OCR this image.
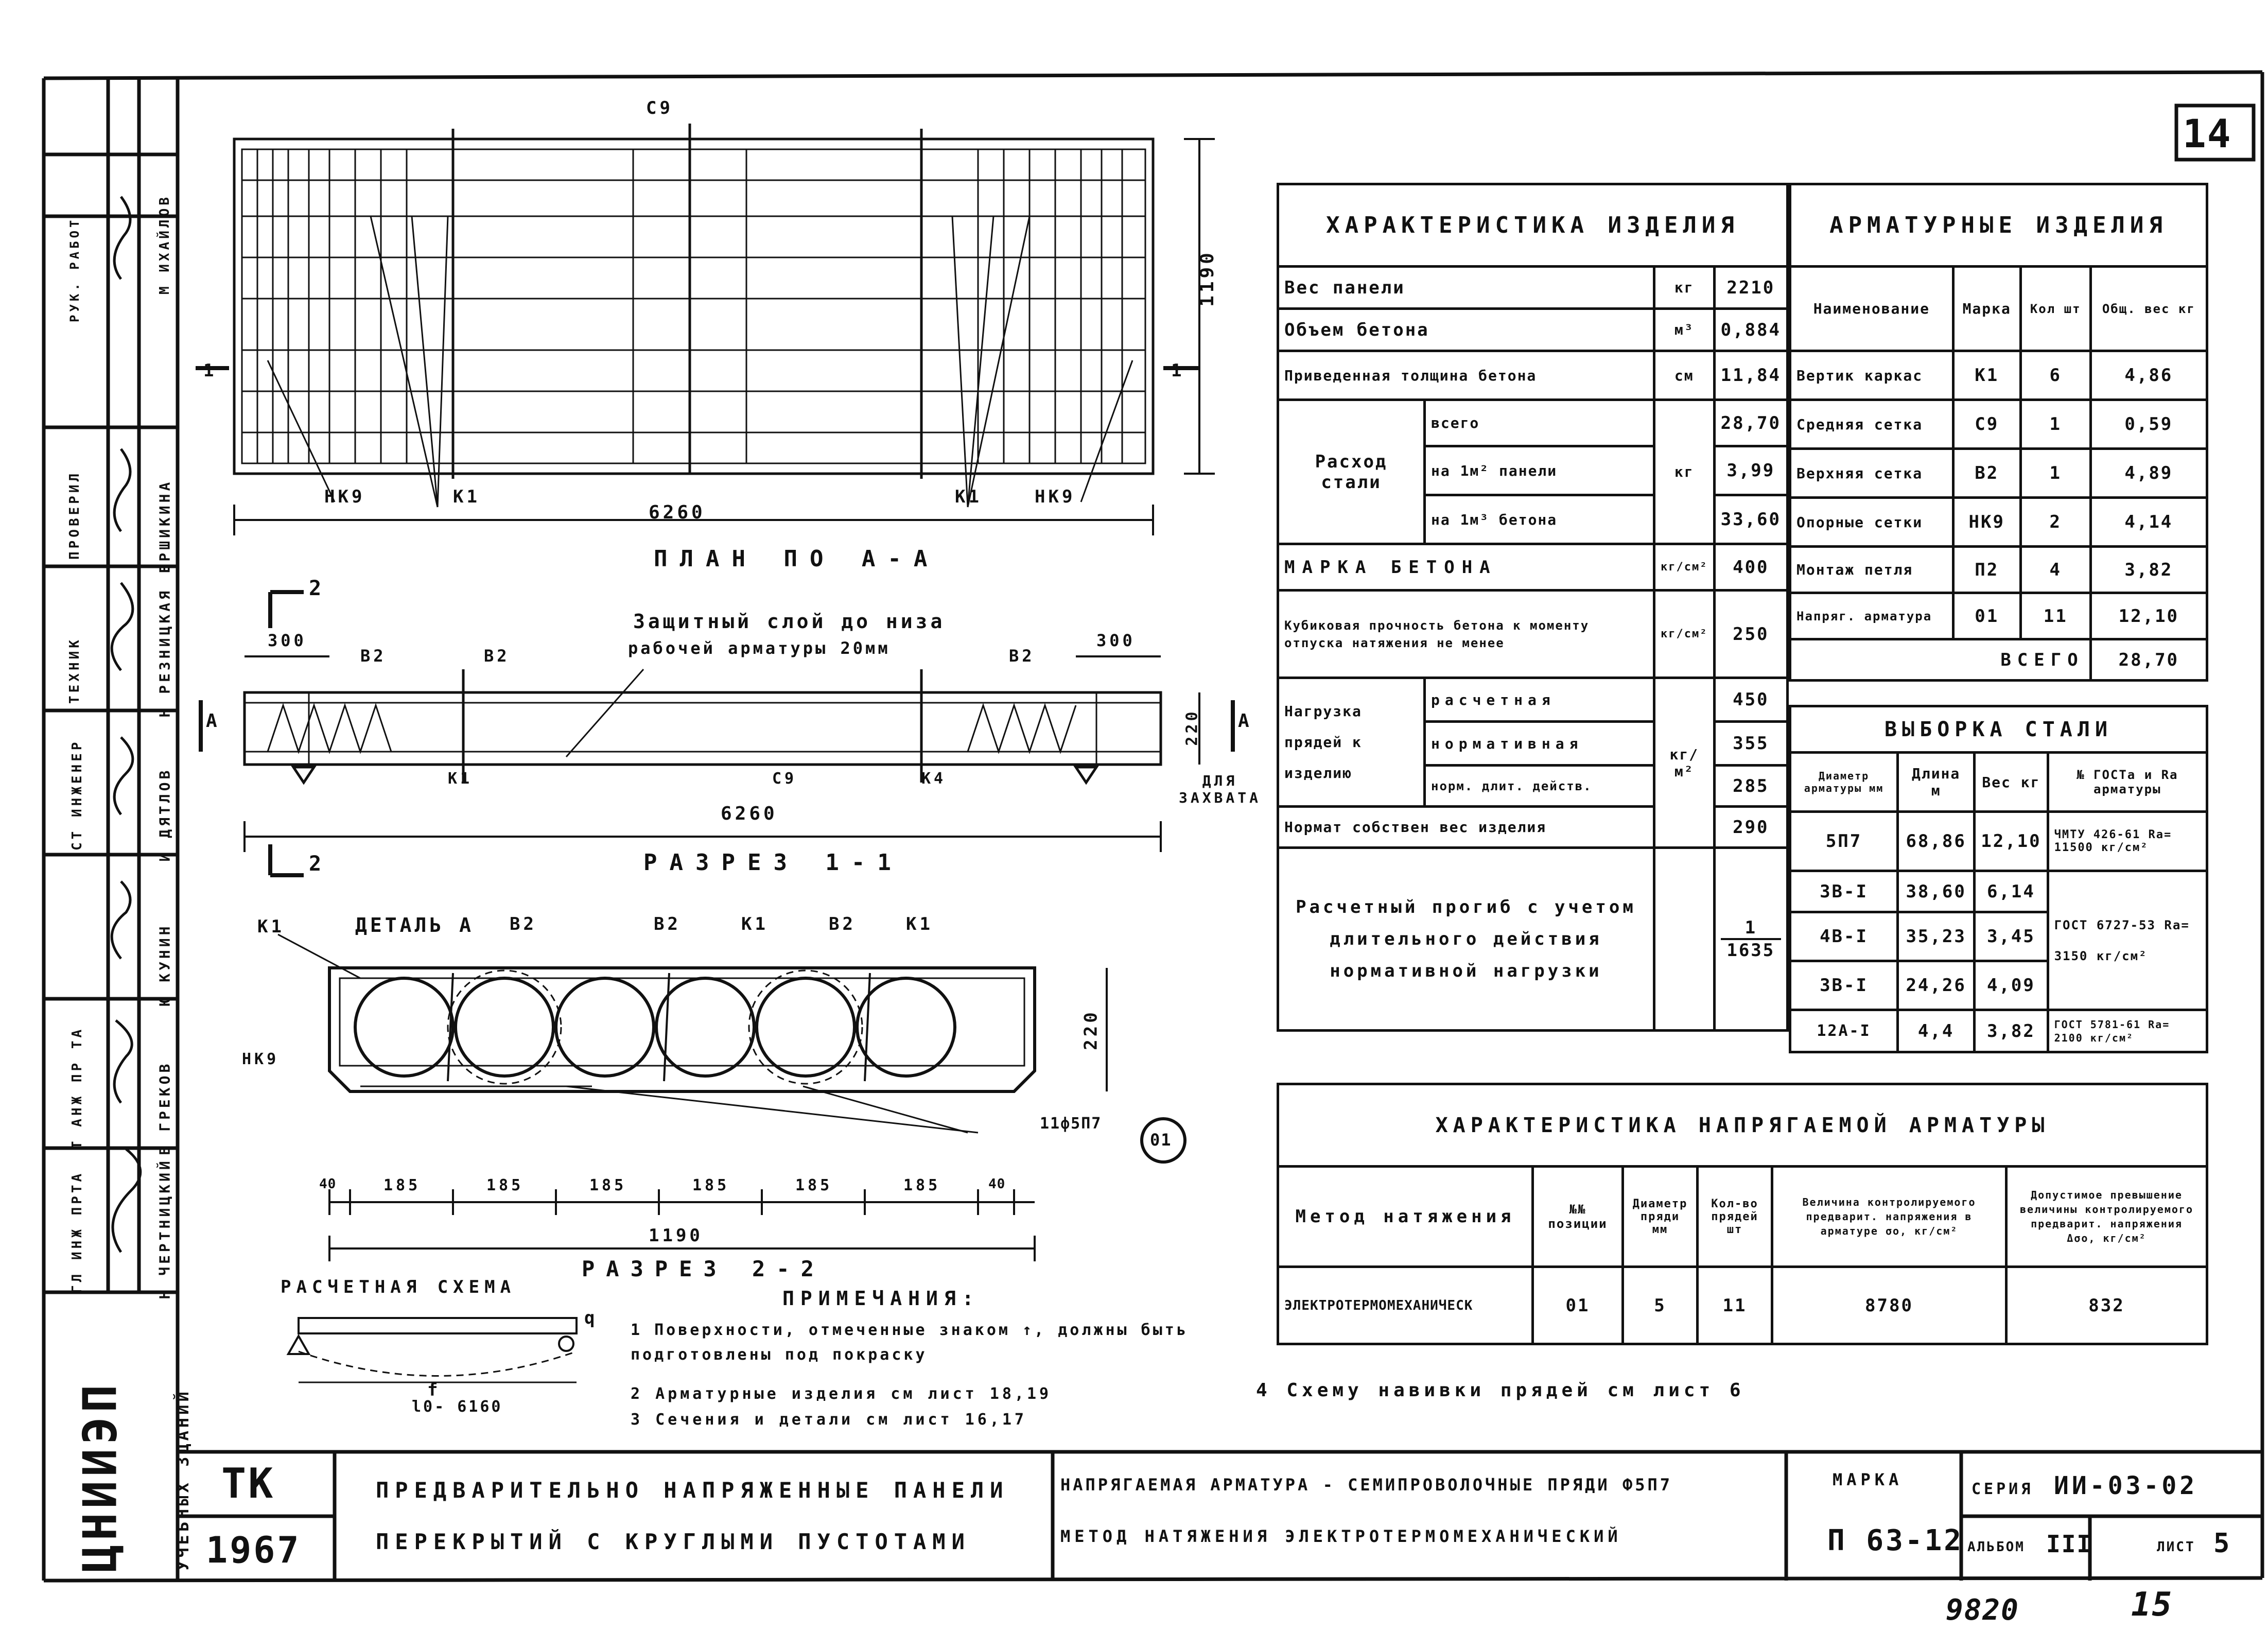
ГЛ ИНЖ ПРТА
Т АНЖ ПР ТА
СТ ИНЖЕНЕР
ТЕХНИК
ПРОВЕРИЛ
РУК. РАБОТ
Н ЧЕРТНИЦКИЙ
В ГРЕКОВ
Ю КУНИН
И ДЯТЛОВ
Н РЕЗНИЦКАЯ
ЕРШИКИНА
М ИХАЙЛОВ
УЧЕБНЫХ ЗДАНИЙ
ЦНИИЭП
14
С9
НК9	К1	К1	НК9
1	1
6260
1190
ПЛАН ПО А-А
2
2
300	300
В2	В2	В2
К1	С9	К4
А	А
Защитный слой до низа
рабочей арматуры 20мм
220
ДЛЯ ЗАХВАТА
6260
РАЗРЕЗ 1-1
К1	ДЕТАЛЬ А В2	В2	К1	В2	К1
НК9
220
11ф5П7
01
40	185	185	185	185	185	185	40
1190
РАЗРЕЗ 2-2
РАСЧЕТНАЯ СХЕМА
q
f
l0- 6160
ПРИМЕЧАНИЯ:
1 Поверхности, отмеченные знаком ↑, должны быть подготовлены под покраску
2 Арматурные изделия см лист 18,19
3 Сечения и детали см лист 16,17
4 Схему навивки прядей см лист 6
ХАРАКТЕРИСТИКА ИЗДЕЛИЯ			
Вес панели		кг	2210
Объем бетона		м³	0,884
Приведенная толщина бетона		см	11,84
Расход стали	всего	кг	28,70
	на 1м² панели		3,99
	на 1м³ бетона		33,60
МАРКА БЕТОНА		кг/см²	400
Кубиковая прочность бетона к моменту отпуска натяжения не менее		кг/см²	250
Нагрузка прядей к изделию	расчетная	кг/м²	450
	нормативная		355
	норм. длит. действ.		285
Нормат собствен вес изделия			290
Расчетный прогиб с учетом длительного действия нормативной нагрузки			1
1635
АРМАТУРНЫЕ ИЗДЕЛИЯ			
Наименование	Марка	Кол шт	Общ. вес кг
Вертик каркас	К1	6	4,86
Средняя сетка	С9	1	0,59
Верхняя сетка	В2	1	4,89
Опорные сетки	НК9	2	4,14
Монтаж петля	П2	4	3,82
Напряг. арматура	01	11	12,10
ВСЕГО			28,70
ВЫБОРКА СТАЛИ			
Диаметр арматуры мм	Длина м	Вес кг	№ ГОСТа и Rа арматуры
5П7	68,86	12,10	ЧМТУ 426-61 Rа= 11500 кг/см²
3В-I	38,60	6,14	ГОСТ 6727-53 Rа= 3150 кг/см²
4В-I	35,23	3,45	
3В-I	24,26	4,09	
12А-I	4,4	3,82	ГОСТ 5781-61 Rа= 2100 кг/см²
ХАРАКТЕРИСТИКА НАПРЯГАЕМОЙ АРМАТУРЫ					
Метод натяжения	№№ позиции	Диаметр пряди мм	Кол-во прядей шт	Величина контролируемого предварит. напряжения в арматуре σо, кг/см²	Допустимое превышение величины контролируемого предварит. напряжения Δσо, кг/см²
ЭЛЕКТРОТЕРМОМЕХАНИЧЕСК	01	5	11	8780	832
ТК
1967
ПРЕДВАРИТЕЛЬНО НАПРЯЖЕННЫЕ ПАНЕЛИ
ПЕРЕКРЫТИЙ С КРУГЛЫМИ ПУСТОТАМИ
НАПРЯГАЕМАЯ АРМАТУРА - СЕМИПРОВОЛОЧНЫЕ ПРЯДИ Ф5П7
МЕТОД НАТЯЖЕНИЯ ЭЛЕКТРОТЕРМОМЕХАНИЧЕСКИЙ
МАРКА
П 63-12
СЕРИЯ ИИ-03-02
АЛЬБОМ III	ЛИСТ 5
9820	15
